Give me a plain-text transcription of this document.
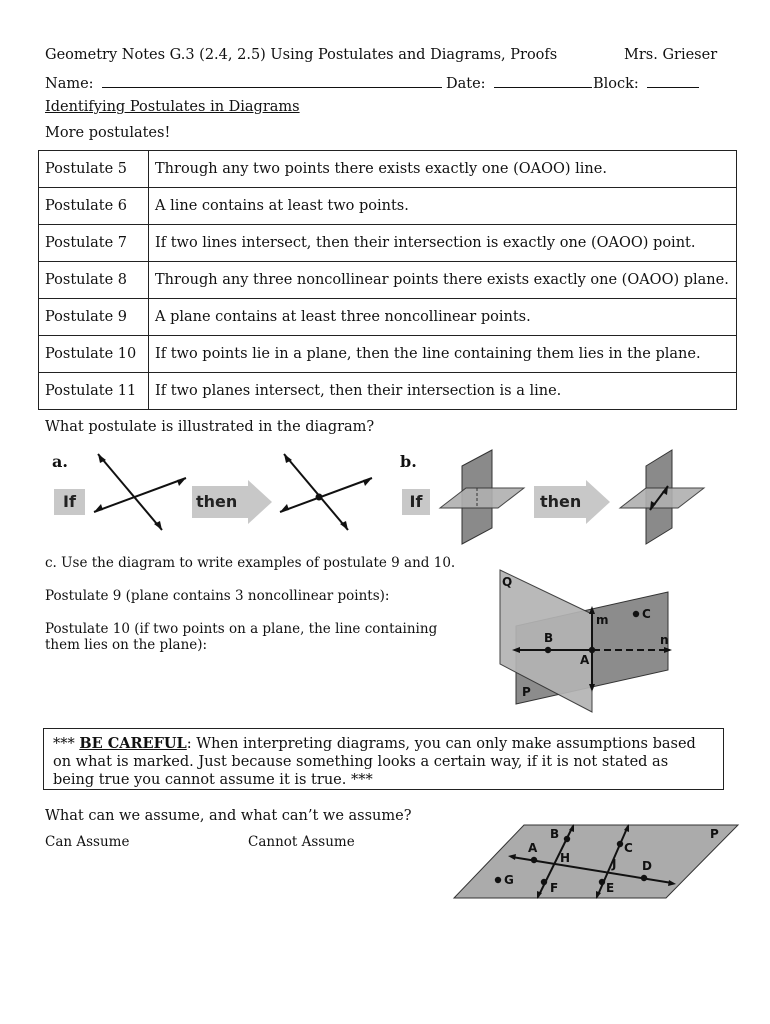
Geometry Notes G.3 (2.4, 2.5) Using Postulates and Diagrams, Proofs	Mrs. Grieser
Name:	Date:	Block:
Identifying Postulates in Diagrams
More postulates!
Postulate 5	Through any two points there exists exactly one (OAOO) line.
Postulate 6	A line contains at least two points.
Postulate 7	If two lines intersect, then their intersection is exactly one (OAOO) point.
Postulate 8	Through any three noncollinear points there exists exactly one (OAOO) plane.
Postulate 9	A plane contains at least three noncollinear points.
Postulate 10	If two points lie in a plane, then the line containing them lies in the plane.
Postulate 11	If two planes intersect, then their intersection is a line.
What postulate is illustrated in the diagram?
a.
If	then
b.
If	then
c. Use the diagram to write examples of postulate 9 and 10.
Postulate 9 (plane contains 3 noncollinear points):
Postulate 10 (if two points on a plane, the line containing
them lies on the plane):
Q
P
m
n
B
A
C
*** BE CAREFUL: When interpreting diagrams, you can only make assumptions based
on what is marked. Just because something looks a certain way, if it is not stated as
being true you cannot assume it is true. ***
What can we assume, and what can’t we assume?
Can Assume	Cannot Assume	A
B
C
D
E
F
G
H	J
P
